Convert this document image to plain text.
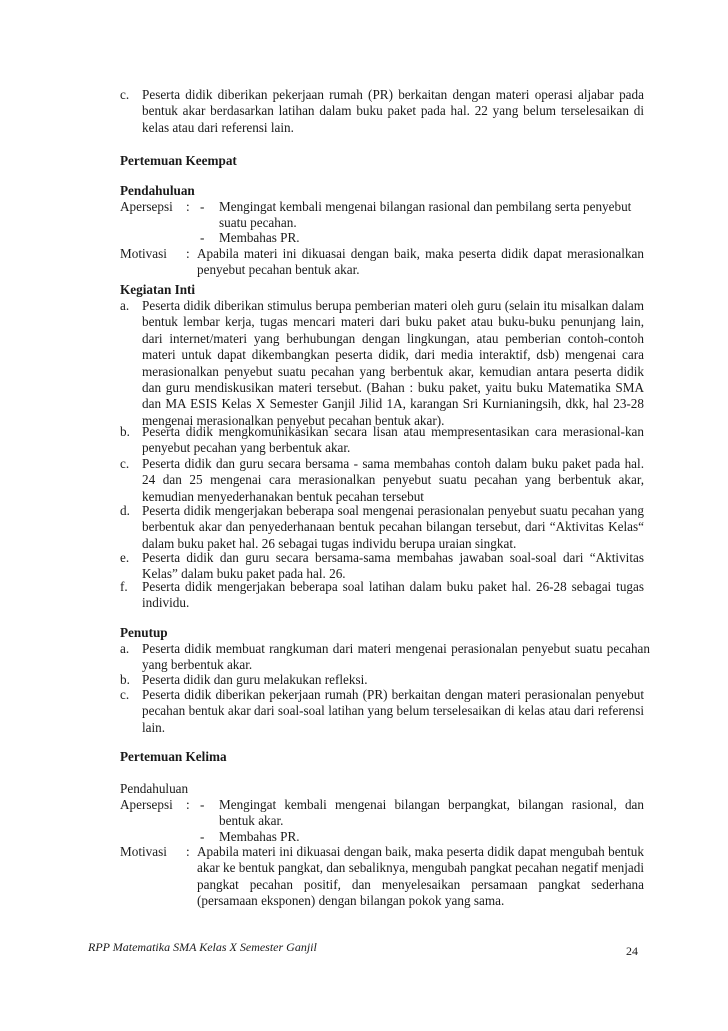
c. Peserta didik diberikan pekerjaan rumah (PR) berkaitan dengan materi operasi aljabar pada bentuk akar berdasarkan latihan dalam buku paket pada hal. 22 yang belum terselesaikan di kelas atau dari referensi lain.
Pertemuan Keempat
Pendahuluan
Apersepsi : - Mengingat kembali mengenai bilangan rasional dan pembilang serta penyebut suatu pecahan.
- Membahas PR.
Motivasi : Apabila materi ini dikuasai dengan baik, maka peserta didik dapat merasionalkan penyebut pecahan bentuk akar.
Kegiatan Inti
a. Peserta didik diberikan stimulus berupa pemberian materi oleh guru (selain itu misalkan dalam bentuk lembar kerja, tugas mencari materi dari buku paket atau buku-buku penunjang lain, dari internet/materi yang berhubungan dengan lingkungan, atau pemberian contoh-contoh materi untuk dapat dikembangkan peserta didik, dari media interaktif, dsb) mengenai cara merasionalkan penyebut suatu pecahan yang berbentuk akar, kemudian antara peserta didik dan guru mendiskusikan materi tersebut. (Bahan : buku paket, yaitu buku Matematika SMA dan MA ESIS Kelas X Semester Ganjil Jilid 1A, karangan Sri Kurnianingsih, dkk, hal 23-28 mengenai merasionalkan penyebut pecahan bentuk akar).
b. Peserta didik mengkomunikasikan secara lisan atau mempresentasikan cara merasional-kan penyebut pecahan yang berbentuk akar.
c. Peserta didik dan guru secara bersama - sama membahas contoh dalam buku paket pada hal. 24 dan 25 mengenai cara merasionalkan penyebut suatu pecahan yang berbentuk akar, kemudian menyederhanakan bentuk pecahan tersebut
d. Peserta didik mengerjakan beberapa soal mengenai perasionalan penyebut suatu pecahan yang berbentuk akar dan penyederhanaan bentuk pecahan bilangan tersebut, dari “Aktivitas Kelas“ dalam buku paket hal. 26 sebagai tugas individu berupa uraian singkat.
e. Peserta didik dan guru secara bersama-sama membahas jawaban soal-soal dari “Aktivitas Kelas” dalam buku paket pada hal. 26.
f. Peserta didik mengerjakan beberapa soal latihan dalam buku paket hal. 26-28 sebagai tugas individu.
Penutup
a. Peserta didik membuat rangkuman dari materi mengenai perasionalan penyebut suatu pecahan yang berbentuk akar.
b. Peserta didik dan guru melakukan refleksi.
c. Peserta didik diberikan pekerjaan rumah (PR) berkaitan dengan materi perasionalan penyebut pecahan bentuk akar dari soal-soal latihan yang belum terselesaikan di kelas atau dari referensi lain.
Pertemuan Kelima
Pendahuluan
Apersepsi : - Mengingat kembali mengenai bilangan berpangkat, bilangan rasional, dan bentuk akar.
- Membahas PR.
Motivasi : Apabila materi ini dikuasai dengan baik, maka peserta didik dapat mengubah bentuk akar ke bentuk pangkat, dan sebaliknya, mengubah pangkat pecahan negatif menjadi pangkat pecahan positif, dan menyelesaikan persamaan pangkat sederhana (persamaan eksponen) dengan bilangan pokok yang sama.
RPP Matematika SMA Kelas X Semester Ganjil	24
